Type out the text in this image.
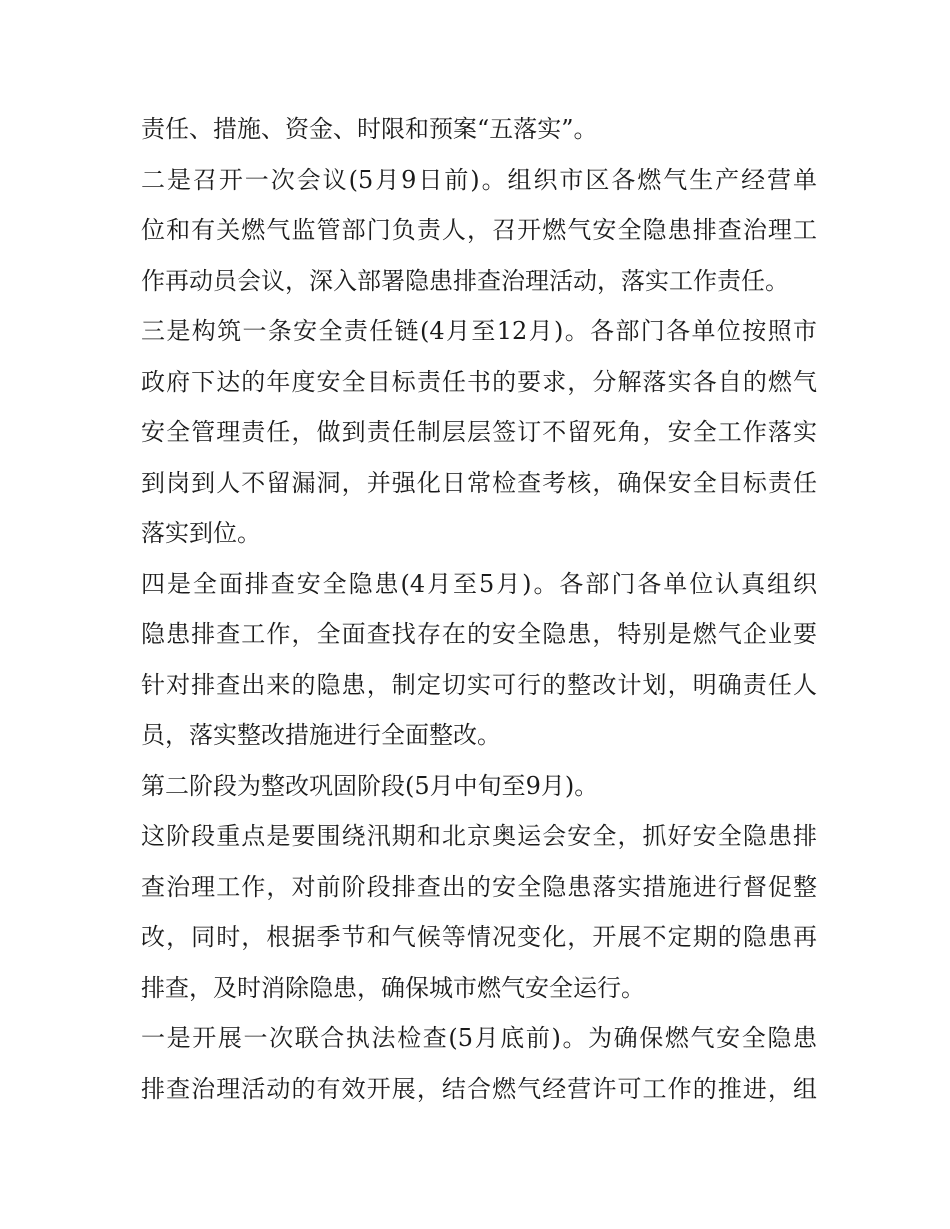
责任、措施、资金、时限和预案“五落实”。
二是召开一次会议(5月9日前)。组织市区各燃气生产经营单
位和有关燃气监管部门负责人，召开燃气安全隐患排查治理工
作再动员会议，深入部署隐患排查治理活动，落实工作责任。
三是构筑一条安全责任链(4月至12月)。各部门各单位按照市
政府下达的年度安全目标责任书的要求，分解落实各自的燃气
安全管理责任，做到责任制层层签订不留死角，安全工作落实
到岗到人不留漏洞，并强化日常检查考核，确保安全目标责任
落实到位。
四是全面排查安全隐患(4月至5月)。各部门各单位认真组织
隐患排查工作，全面查找存在的安全隐患，特别是燃气企业要
针对排查出来的隐患，制定切实可行的整改计划，明确责任人
员，落实整改措施进行全面整改。
第二阶段为整改巩固阶段(5月中旬至9月)。
这阶段重点是要围绕汛期和北京奥运会安全，抓好安全隐患排
查治理工作，对前阶段排查出的安全隐患落实措施进行督促整
改，同时，根据季节和气候等情况变化，开展不定期的隐患再
排查，及时消除隐患，确保城市燃气安全运行。
一是开展一次联合执法检查(5月底前)。为确保燃气安全隐患
排查治理活动的有效开展，结合燃气经营许可工作的推进，组
